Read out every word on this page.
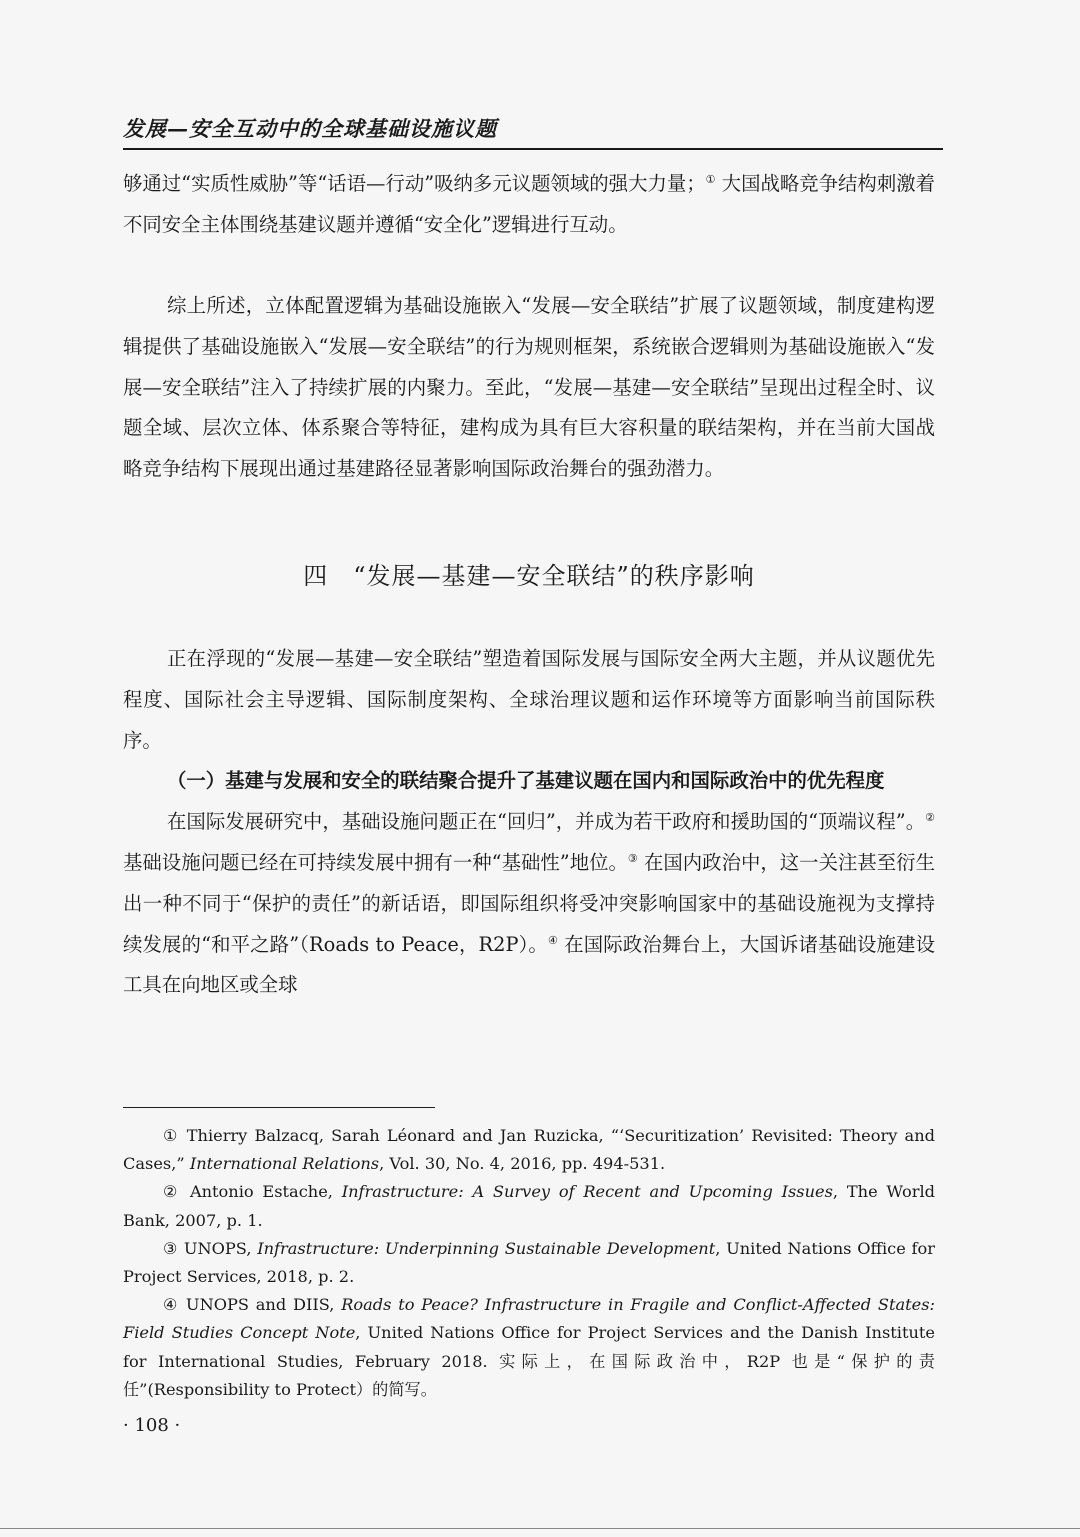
发展—安全互动中的全球基础设施议题

够通过“实质性威胁”等“话语—行动”吸纳多元议题领域的强大力量；① 大国战略竞争结构刺激着不同安全主体围绕基建议题并遵循“安全化”逻辑进行互动。

综上所述，立体配置逻辑为基础设施嵌入“发展—安全联结”扩展了议题领域，制度建构逻辑提供了基础设施嵌入“发展—安全联结”的行为规则框架，系统嵌合逻辑则为基础设施嵌入“发展—安全联结”注入了持续扩展的内聚力。至此，“发展—基建—安全联结”呈现出过程全时、议题全域、层次立体、体系聚合等特征，建构成为具有巨大容积量的联结架构，并在当前大国战略竞争结构下展现出通过基建路径显著影响国际政治舞台的强劲潜力。

四　“发展—基建—安全联结”的秩序影响

正在浮现的“发展—基建—安全联结”塑造着国际发展与国际安全两大主题，并从议题优先程度、国际社会主导逻辑、国际制度架构、全球治理议题和运作环境等方面影响当前国际秩序。

（一）基建与发展和安全的联结聚合提升了基建议题在国内和国际政治中的优先程度

在国际发展研究中，基础设施问题正在“回归”，并成为若干政府和援助国的“顶端议程”。② 基础设施问题已经在可持续发展中拥有一种“基础性”地位。③ 在国内政治中，这一关注甚至衍生出一种不同于“保护的责任”的新话语，即国际组织将受冲突影响国家中的基础设施视为支撑持续发展的“和平之路”（Roads to Peace，R2P）。④ 在国际政治舞台上，大国诉诸基础设施建设工具在向地区或全球

① Thierry Balzacq, Sarah Léonard and Jan Ruzicka, “‘Securitization’ Revisited: Theory and Cases,” International Relations, Vol. 30, No. 4, 2016, pp. 494-531.

② Antonio Estache, Infrastructure: A Survey of Recent and Upcoming Issues, The World Bank, 2007, p. 1.

③ UNOPS, Infrastructure: Underpinning Sustainable Development, United Nations Office for Project Services, 2018, p. 2.

④ UNOPS and DIIS, Roads to Peace? Infrastructure in Fragile and Conflict-Affected States: Field Studies Concept Note, United Nations Office for Project Services and the Danish Institute for International Studies, February 2018. 实际上，在国际政治中，R2P 也是“保护的责任”(Responsibility to Protect）的简写。

· 108 ·
